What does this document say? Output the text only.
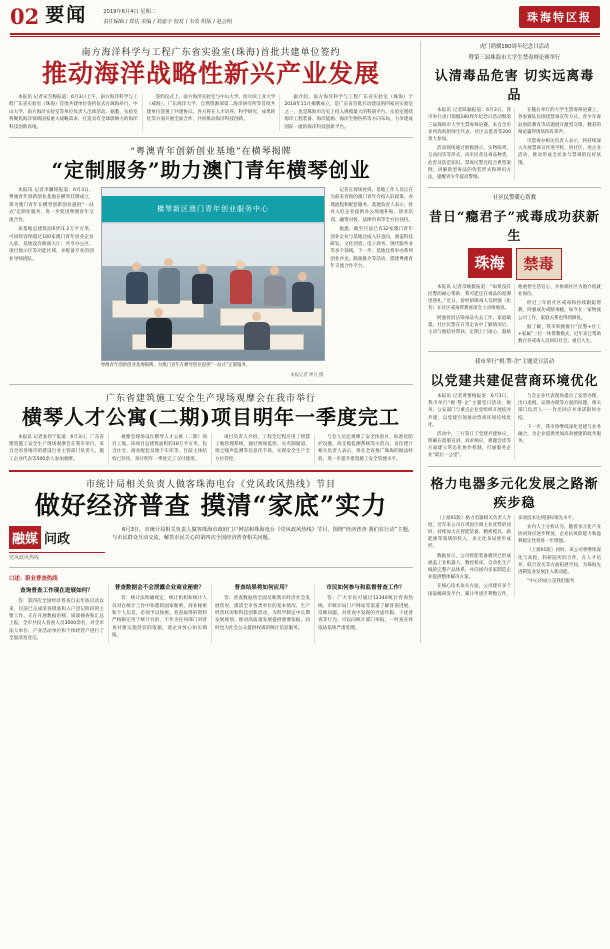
02 要闻	2019年6月4日 星期二
责任编辑 / 郑估 美编 / 刘嘉宇 校对 / 韦荧 组版 / 赵会明	珠海特区报
南方海洋科学与工程广东省实验室(珠海)首批共建单位签约
推动海洋战略性新兴产业发展

本报讯 记者宋雪梅报道：6月3日上午，南方海洋科学与工程广东省实验室（珠海）首批共建单位签约仪式在珠海举行，中山大学、南方海洋实验室等单位负责人出席活动。据悉，实验室将聚焦海洋领域国家重大战略需求，打造具有全球影响力的海洋科技创新高地。

签约仪式上，南方海洋实验室与中山大学、哈尔滨工业大学（威海）、广东海洋大学、自然资源部第二海洋研究所等首批共建单位签署了共建协议。各方将在人才培养、科学研究、成果转化等方面开展全面合作，共同推动海洋科技创新。

据介绍，南方海洋科学与工程广东省实验室（珠海）于2018年11月揭牌成立，是广东省首批启动建设的四家省实验室之一，也是珠海市历史上投入规模最大的科研平台。实验室围绕海洋工程装备、海洋能源、海洋生物医药等方向布局，力争建成国际一流的海洋科技创新平台。

“粤澳青年创新创业基地”在横琴揭牌
“定制服务”助力澳门青年横琴创业

本报讯 记者李灏铭报道：6月3日，粤澳青年创新创业基地在横琴挂牌成立，将为澳门青年在横琴创新创业提供“一站式”定制化服务，进一步促进粤澳青年交流合作。

该基地总建筑面积约1.2万平方米，可同时容纳超过100家澳门青年创业企业入驻。基地设有路演大厅、共享办公区、项目展示区等功能区域，并配备专业的创业导师团队。

横琴新区澳门青年创业服务中心
粤澳青年创新创业基地揭牌，为澳门青年在横琴创业提供“一站式”定制服务。
本报记者 钟凡 摄

记者在现场看到，基地工作人员正在为前来咨询的澳门青年介绍入驻政策、办理流程和配套服务。基地负责人表示，将对入驻企业提供办公场地补贴、创业培训、融资对接、法律咨询等全方位扶持。

据悉，截至目前已有32家澳门青年创业企业与基地达成入驻意向，涵盖科技研发、文化创意、电子商务、现代服务业等多个领域。下一步，基地还将举办系列创业沙龙、路演推介等活动，搭建粤澳青年交流合作平台。

广东省建筑施工安全生产现场观摩会在我市举行
横琴人才公寓(二期)项目明年一季度完工

本报讯 记者张伟宁报道：6月3日，广东省建筑施工安全生产现场观摩会在我市举行，来自全省各地市的建设行业主管部门负责人、施工企业代表等500余人参加观摩。

观摩会现场设在横琴人才公寓（二期）项目工地。该项目总建筑面积约18万平方米，包含住宅、商业配套及地下车库等，目前主体结构已封顶，预计明年一季度完工交付使用。

项目负责人介绍，工程全过程应用了智慧工地管理系统，通过视频监控、实名制通道、扬尘噪声监测等信息化手段，实现安全生产全方位管控。

与会人员还观摩了安全体验区、标准化防护设施、高支模监测系统等示范点。省住建厅相关负责人表示，将在全省推广珠海的做法经验，进一步提升建筑施工安全管理水平。

市统计局相关负责人做客珠海电台《党风政风热线》节目
做好经济普查 摸清“家底”实力
融媒 问政
党风政风热线

6月3日，市统计局相关负责人做客珠海市政府门户网站和珠海电台《党风政风热线》节目，围绕“经济普查 我们在行动”主题，与市民群众互动交流，解答市民关心的第四次全国经济普查相关问题。

口述：职业普查热线
查询普查工作现在进展如何？

答：第四次全国经济普查自去年底启动以来，目前已完成清查摸底和入户登记阶段的主要工作，正在开展数据审核、质量抽查和汇总上报。全市共投入普查人员3000余名，对全市法人单位、产业活动单位和个体经营户进行了全面清查登记。

普查数据会不会泄露企业商业秘密？

答：统计法明确规定，统计机构和统计人员对在统计工作中知悉的国家秘密、商业秘密和个人信息，必须予以保密。普查取得的资料严格限定用于统计目的，不作为任何部门对普查对象实施处罚的依据，请企业放心如实填报。

普查结果将如何应用？

答：普查数据将全面反映我市经济社会发展状况，摸清全市各类单位的基本情况、生产经营状况和科技创新活动，为科学制定中长期发展规划、推动高质量发展提供重要依据，同时也为社会公众提供权威的统计信息服务。

市民如何参与和监督普查工作？

答：广大市民可通过12340统计咨询热线、市统计局门户网站等渠道了解普查进展、反映问题。对普查中发现的弄虚作假、干扰普查等行为，可以向统计部门举报，一经查实将依法依规严肃处理。

虎门销烟180周年纪念日活动
暨第三届珠海市大学生禁毒辩论赛举行
认清毒品危害 切实远离毒品

本报讯 记者陈颖报道：6月3日，我市举行虎门销烟180周年纪念日活动暨第三届珠海市大学生禁毒辩论赛，来自全市多所高校的师生代表、社区志愿者等200余人参加。

活动现场通过展板展示、实物陈列、互动问答等形式，向市民普及毒品种类、危害及防范知识。禁毒民警还结合典型案例，讲解新型毒品的伪装形式和辨识方法，提醒青少年提高警惕。

在随后举行的大学生禁毒辩论赛上，各参赛队伍围绕禁毒宣传方式、青少年毒品预防教育等话题展开激烈交锋，精彩的辩论赢得现场阵阵掌声。

市禁毒办相关负责人表示，将持续深入开展禁毒宣传进学校、进社区、进企业活动，推动形成全民参与禁毒的良好氛围。

社区民警暖心帮教
昔日“瘾君子”戒毒成功获新生
珠海	禁毒

本报讯 记者佘映薇报道：“如果没有民警的耐心帮助，我可能还在毒品的泥潭里挣扎。”近日，曾经的吸毒人员阿强（化名）在社区戒毒帮教座谈会上动情地说。

阿强曾因沾染毒品失去工作、家庭破裂。社区民警在日常走访中了解情况后，主动与他结对帮扶，定期上门谈心，鼓励他重拾生活信心，并协调社区为他介绍就业岗位。

经过三年的社区戒毒和持续跟踪帮教，阿强成功戒断毒瘾，如今在一家物流公司工作，家庭关系也得到修复。

据了解，我市积极推行“民警+社工+家属”三位一体帮教模式，近年来已帮助数百名戒毒人员回归社会、重启人生。

我市举行“税·警·企”主题党日活动
以党建共建促营商环境优化

本报讯 记者黄要梅报道：6月3日，我市举行“税·警·企”主题党日活动，税务、公安部门与重点企业党组织开展结对共建，以党建引领推动营商环境持续优化。

活动中，三方签订了党建共建协议，明确在政策宣讲、诉求响应、难题会诊等方面建立常态化协作机制，打通服务企业“最后一公里”。

与会企业代表现场提出了发票办理、出口退税、证照办理等方面的问题，相关部门负责人一一作出回应并承诺限时办结。

下一步，我市将继续深化党建与业务融合，为企业提供更加高效便捷的政务服务。

格力电器多元化发展之路渐疾步稳

（上接01版）格力电器相关负责人介绍，近年来公司在巩固空调主业优势的同时，持续加大在智能装备、精密模具、新能源等领域的投入，多元化布局逐步成形。

数据显示，公司智能装备板块已形成涵盖工业机器人、数控机床、自动化生产线的完整产品体系，并向国内多家制造企业提供整体解决方案。

在核心技术攻关方面，公司建有多个国家级研发平台，累计申请专利数万件，多项技术达到国际领先水平。

业内人士分析认为，随着多元化产业协同效应逐步释放，企业抗风险能力和盈利稳定性将进一步增强。

（上接01版）同时，该公司将继续深化与高校、科研院所的合作，在人才培养、联合攻关等方面拓展空间，为珠海先进制造业发展注入新动能。

“中心的成立是我们服务
